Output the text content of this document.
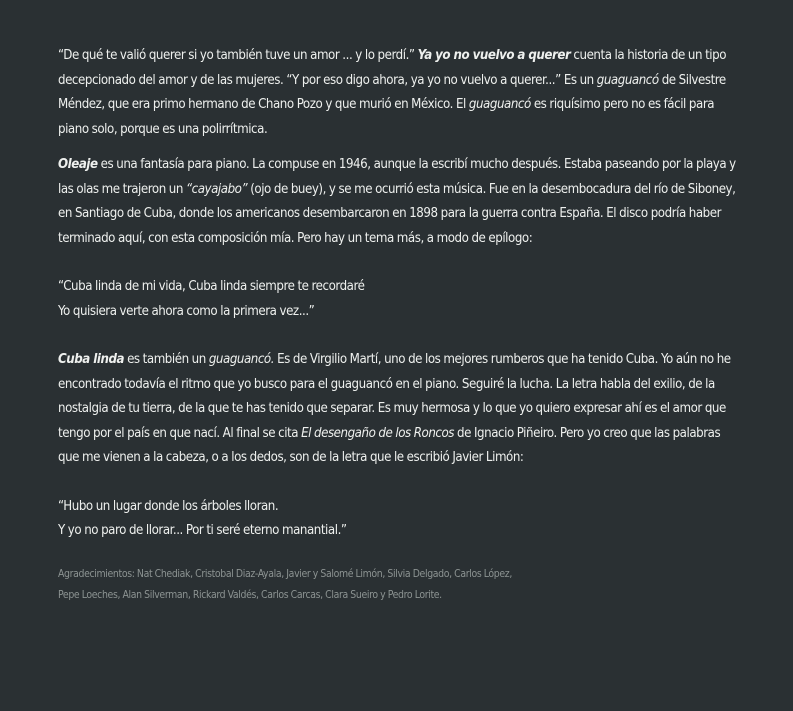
“De qué te valió querer si yo también tuve un amor ... y lo perdí.” Ya yo no vuelvo a querer cuenta la historia de un tipo decepcionado del amor y de las mujeres. “Y por eso digo ahora, ya yo no vuelvo a querer...” Es un guaguancó de Silvestre Méndez, que era primo hermano de Chano Pozo y que murió en México. El guaguancó es riquísimo pero no es fácil para piano solo, porque es una polirrítmica.

Oleaje es una fantasía para piano. La compuse en 1946, aunque la escribí mucho después. Estaba paseando por la playa y las olas me trajeron un “cayajabo” (ojo de buey), y se me ocurrió esta música. Fue en la desembocadura del río de Siboney, en Santiago de Cuba, donde los americanos desembarcaron en 1898 para la guerra contra España. El disco podría haber terminado aquí, con esta composición mía. Pero hay un tema más, a modo de epílogo:

“Cuba linda de mi vida, Cuba linda siempre te recordaré
Yo quisiera verte ahora como la primera vez...”

Cuba linda es también un guaguancó. Es de Virgilio Martí, uno de los mejores rumberos que ha tenido Cuba. Yo aún no he encontrado todavía el ritmo que yo busco para el guaguancó en el piano. Seguiré la lucha. La letra habla del exilio, de la nostalgia de tu tierra, de la que te has tenido que separar. Es muy hermosa y lo que yo quiero expresar ahí es el amor que tengo por el país en que nací. Al final se cita El desengaño de los Roncos de Ignacio Piñeiro. Pero yo creo que las palabras que me vienen a la cabeza, o a los dedos, son de la letra que le escribió Javier Limón:

“Hubo un lugar donde los árboles lloran.
Y yo no paro de llorar... Por ti seré eterno manantial.”

Agradecimientos: Nat Chediak, Cristobal Diaz-Ayala, Javier y Salomé Limón, Silvia Delgado, Carlos López,
Pepe Loeches, Alan Silverman, Rickard Valdés, Carlos Carcas, Clara Sueiro y Pedro Lorite.
